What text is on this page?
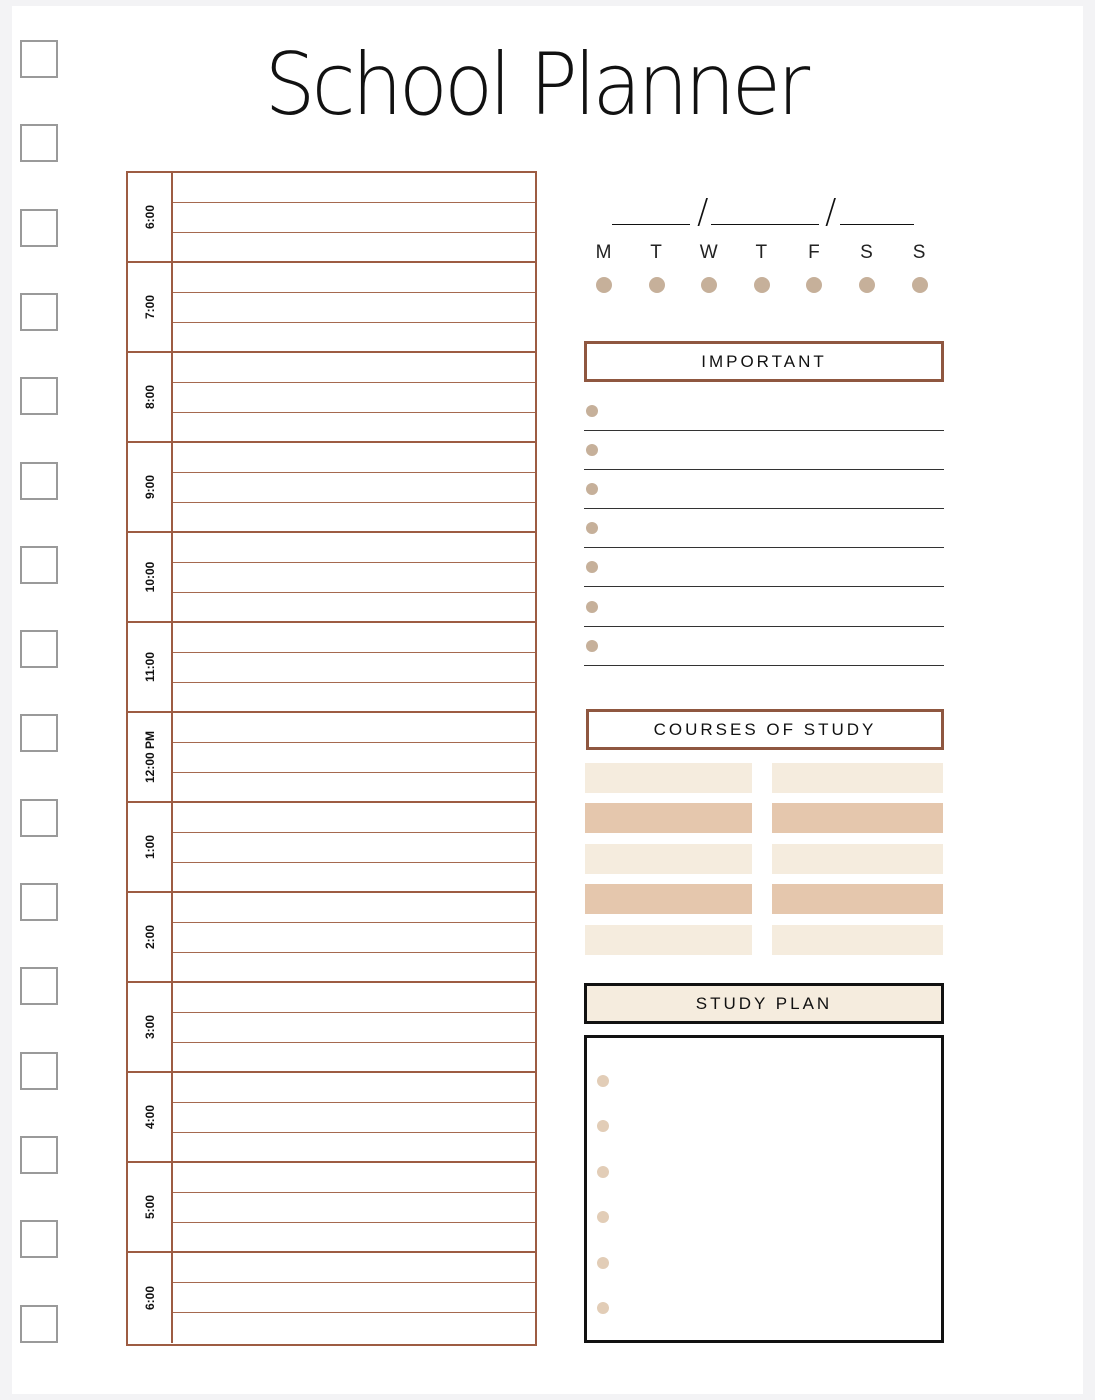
School Planner
6:00
7:00
8:00
9:00
10:00
11:00
12:00 PM
1:00
2:00
3:00
4:00
5:00
6:00
/	/
M	T	W	T	F	S	S
IMPORTANT
COURSES OF STUDY
STUDY PLAN
